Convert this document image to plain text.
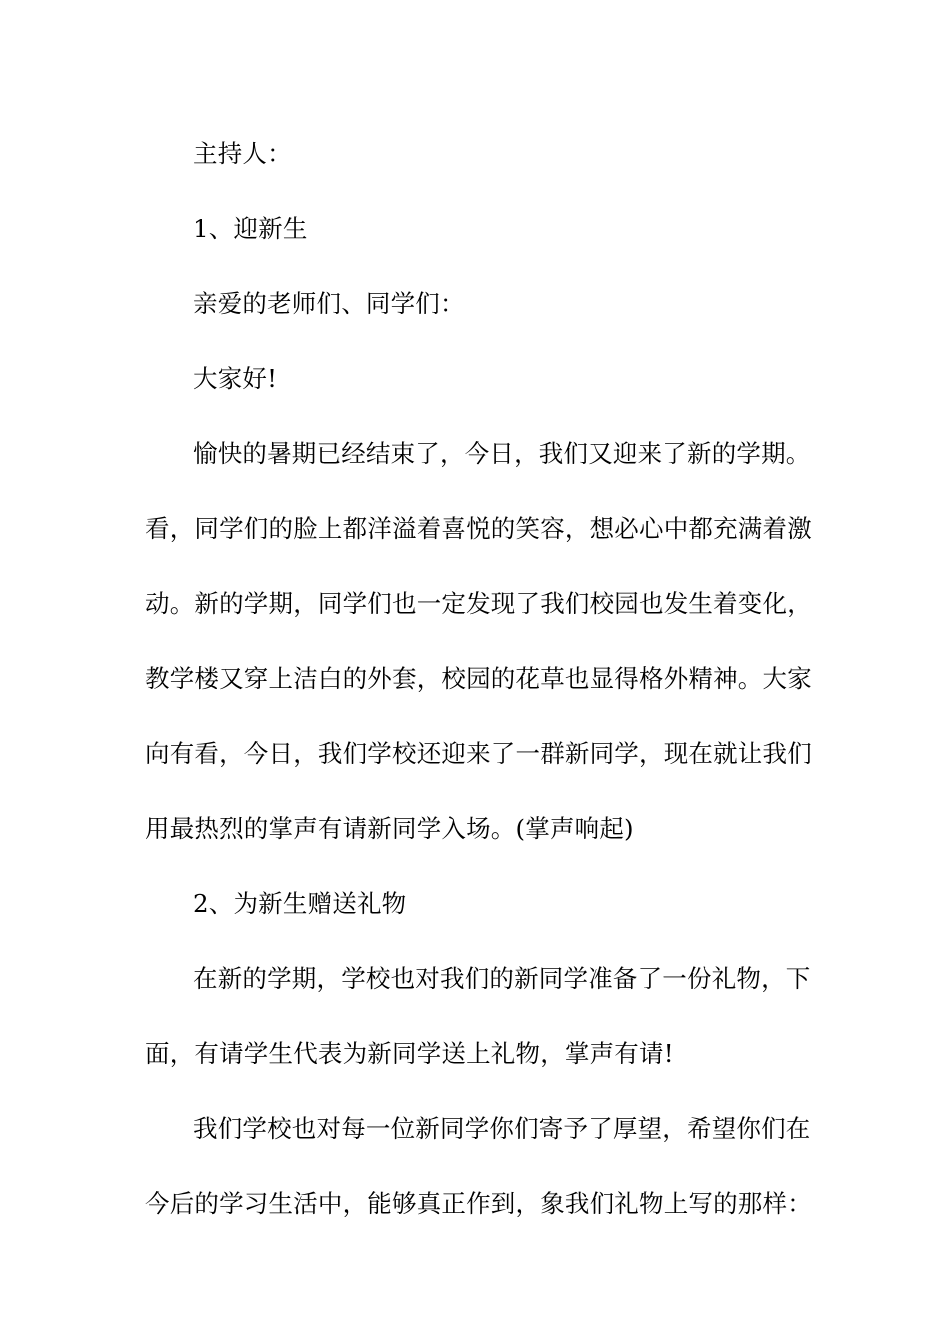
主持人：

1、迎新生

亲爱的老师们、同学们：

大家好!

愉快的暑期已经结束了，今日，我们又迎来了新的学期。

看，同学们的脸上都洋溢着喜悦的笑容，想必心中都充满着激

动。新的学期，同学们也一定发现了我们校园也发生着变化，

教学楼又穿上洁白的外套，校园的花草也显得格外精神。大家

向有看，今日，我们学校还迎来了一群新同学，现在就让我们

用最热烈的掌声有请新同学入场。(掌声响起)

2、为新生赠送礼物

在新的学期，学校也对我们的新同学准备了一份礼物，下

面，有请学生代表为新同学送上礼物，掌声有请!

我们学校也对每一位新同学你们寄予了厚望，希望你们在

今后的学习生活中，能够真正作到，象我们礼物上写的那样：
